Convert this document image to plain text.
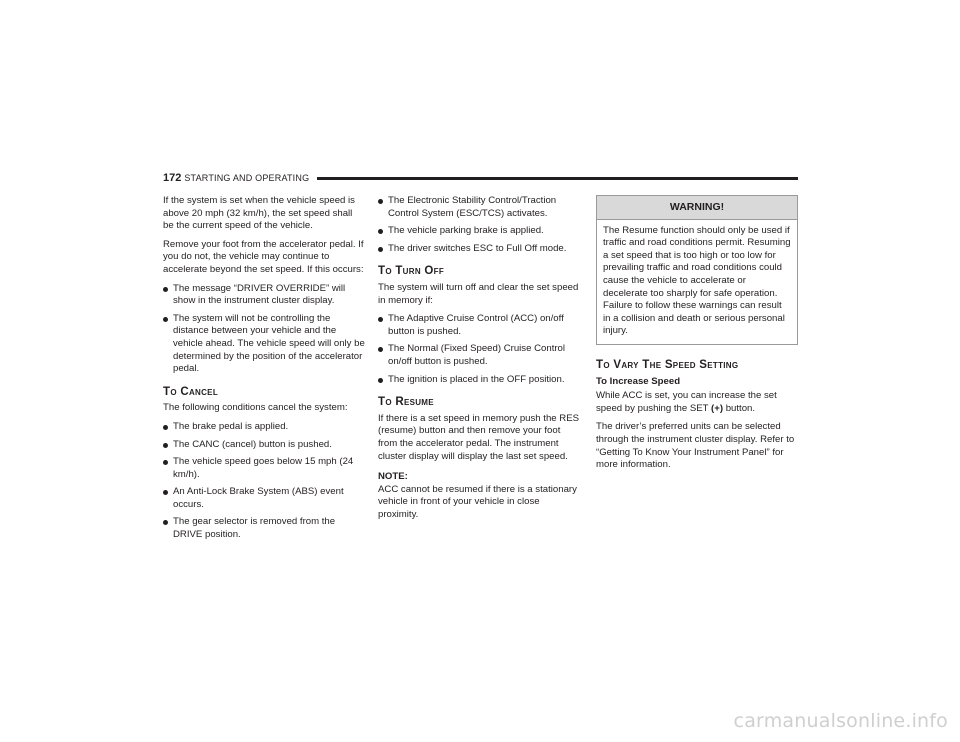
172 STARTING AND OPERATING

If the system is set when the vehicle speed is above 20 mph (32 km/h), the set speed shall be the current speed of the vehicle.

Remove your foot from the accelerator pedal. If you do not, the vehicle may continue to accelerate beyond the set speed. If this occurs:

The message “DRIVER OVERRIDE” will show in the instrument cluster display.
The system will not be controlling the distance between your vehicle and the vehicle ahead. The vehicle speed will only be determined by the position of the accelerator pedal.
To Cancel

The following conditions cancel the system:

The brake pedal is applied.
The CANC (cancel) button is pushed.
The vehicle speed goes below 15 mph (24 km/h).
An Anti-Lock Brake System (ABS) event occurs.
The gear selector is removed from the DRIVE position.
The Electronic Stability Control/Traction Control System (ESC/TCS) activates.
The vehicle parking brake is applied.
The driver switches ESC to Full Off mode.
To Turn Off

The system will turn off and clear the set speed in memory if:

The Adaptive Cruise Control (ACC) on/off button is pushed.
The Normal (Fixed Speed) Cruise Control on/off button is pushed.
The ignition is placed in the OFF position.
To Resume

If there is a set speed in memory push the RES (resume) button and then remove your foot from the accelerator pedal. The instrument cluster display will display the last set speed.

NOTE:

ACC cannot be resumed if there is a stationary vehicle in front of your vehicle in close proximity.

WARNING!
The Resume function should only be used if traffic and road conditions permit. Resuming a set speed that is too high or too low for prevailing traffic and road conditions could cause the vehicle to accelerate or decelerate too sharply for safe operation. Failure to follow these warnings can result in a collision and death or serious personal injury.
To Vary The Speed Setting
To Increase Speed

While ACC is set, you can increase the set speed by pushing the SET (+) button.

The driver’s preferred units can be selected through the instrument cluster display. Refer to “Getting To Know Your Instrument Panel” for more information.

carmanualsonline.info
